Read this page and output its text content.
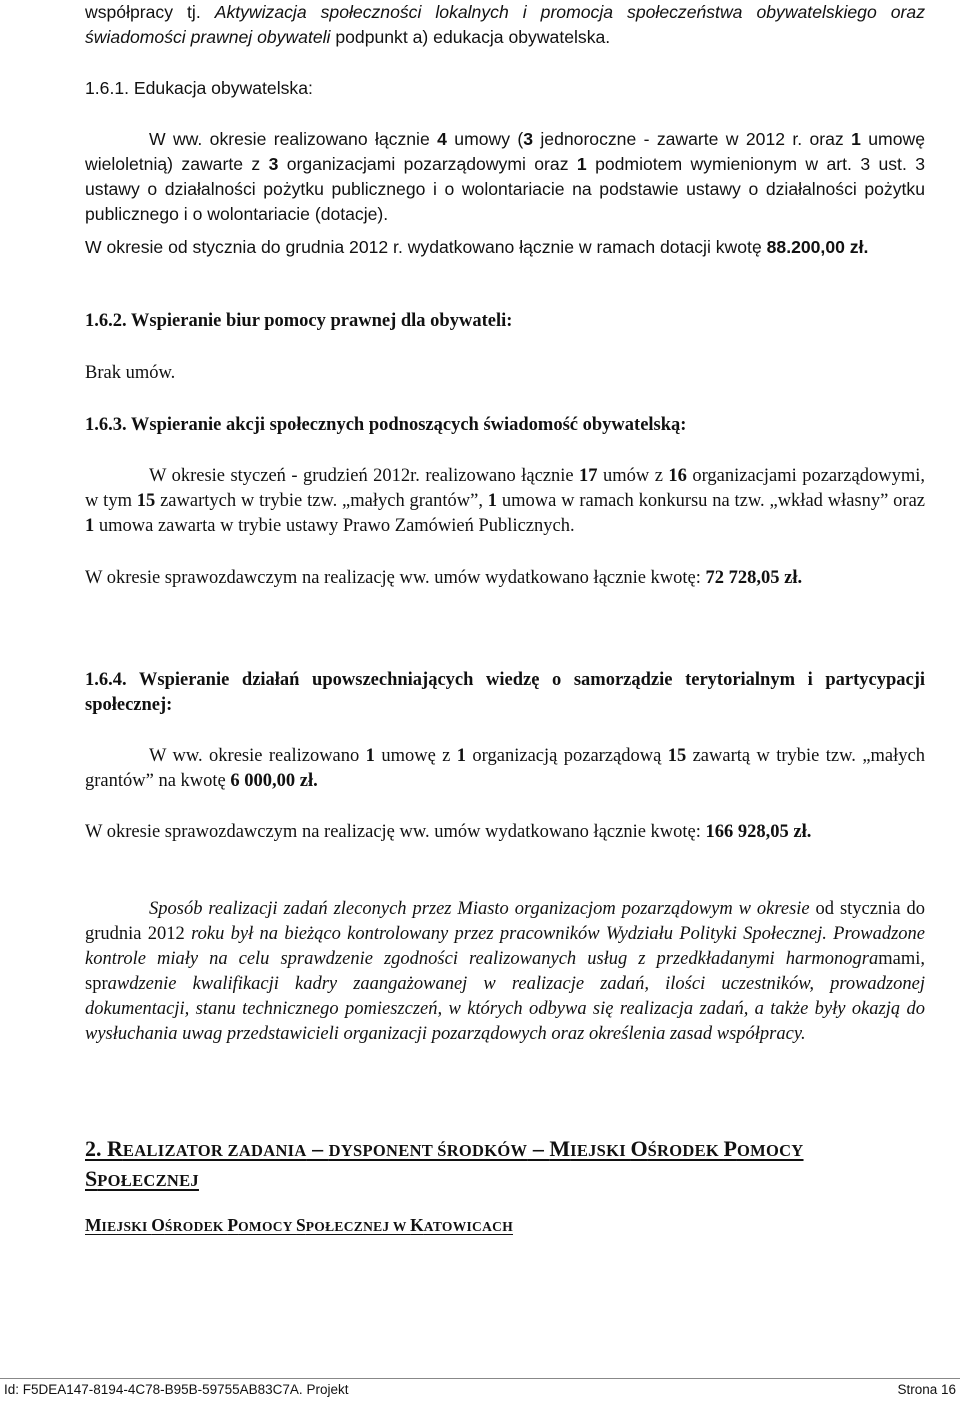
współpracy tj. Aktywizacja społeczności lokalnych i promocja społeczeństwa obywatelskiego oraz świadomości prawnej obywateli podpunkt a) edukacja obywatelska.
1.6.1. Edukacja obywatelska:
W ww. okresie realizowano łącznie 4 umowy (3 jednoroczne - zawarte w 2012 r. oraz 1 umowę wieloletnią) zawarte z 3 organizacjami pozarządowymi oraz 1 podmiotem wymienionym w art. 3 ust. 3 ustawy o działalności pożytku publicznego i o wolontariacie na podstawie ustawy o działalności pożytku publicznego i o wolontariacie (dotacje).
W okresie od stycznia do grudnia 2012 r. wydatkowano łącznie w ramach dotacji kwotę 88.200,00 zł.
1.6.2. Wspieranie biur pomocy prawnej dla obywateli:
Brak umów.
1.6.3. Wspieranie akcji społecznych podnoszących świadomość obywatelską:
W okresie styczeń - grudzień 2012r. realizowano łącznie 17 umów z 16 organizacjami pozarządowymi, w tym 15 zawartych w trybie tzw. „małych grantów”, 1 umowa w ramach konkursu na tzw. „wkład własny” oraz 1 umowa zawarta w trybie ustawy Prawo Zamówień Publicznych.
W okresie sprawozdawczym na realizację ww. umów wydatkowano łącznie kwotę: 72 728,05 zł.
1.6.4. Wspieranie działań upowszechniających wiedzę o samorządzie terytorialnym i partycypacji społecznej:
W ww. okresie realizowano 1 umowę z 1 organizacją pozarządową 15 zawartą w trybie tzw. „małych grantów” na kwotę 6 000,00 zł.
W okresie sprawozdawczym na realizację ww. umów wydatkowano łącznie kwotę: 166 928,05 zł.
Sposób realizacji zadań zleconych przez Miasto organizacjom pozarządowym w okresie od stycznia do grudnia 2012 roku był na bieżąco kontrolowany przez pracowników Wydziału Polityki Społecznej. Prowadzone kontrole miały na celu sprawdzenie zgodności realizowanych usług z przedkładanymi harmonogramami, sprawdzenie kwalifikacji kadry zaangażowanej w realizacje zadań, ilości uczestników, prowadzonej dokumentacji, stanu technicznego pomieszczeń, w których odbywa się realizacja zadań, a także były okazją do wysłuchania uwag przedstawicieli organizacji pozarządowych oraz określenia zasad współpracy.
2. REALIZATOR ZADANIA – DYSPONENT ŚRODKÓW – MIEJSKI OŚRODEK POMOCY
SPOŁECZNEJ
MIEJSKI OŚRODEK POMOCY SPOŁECZNEJ W KATOWICACH
Id: F5DEA147-8194-4C78-B95B-59755AB83C7A. Projekt	Strona 16
